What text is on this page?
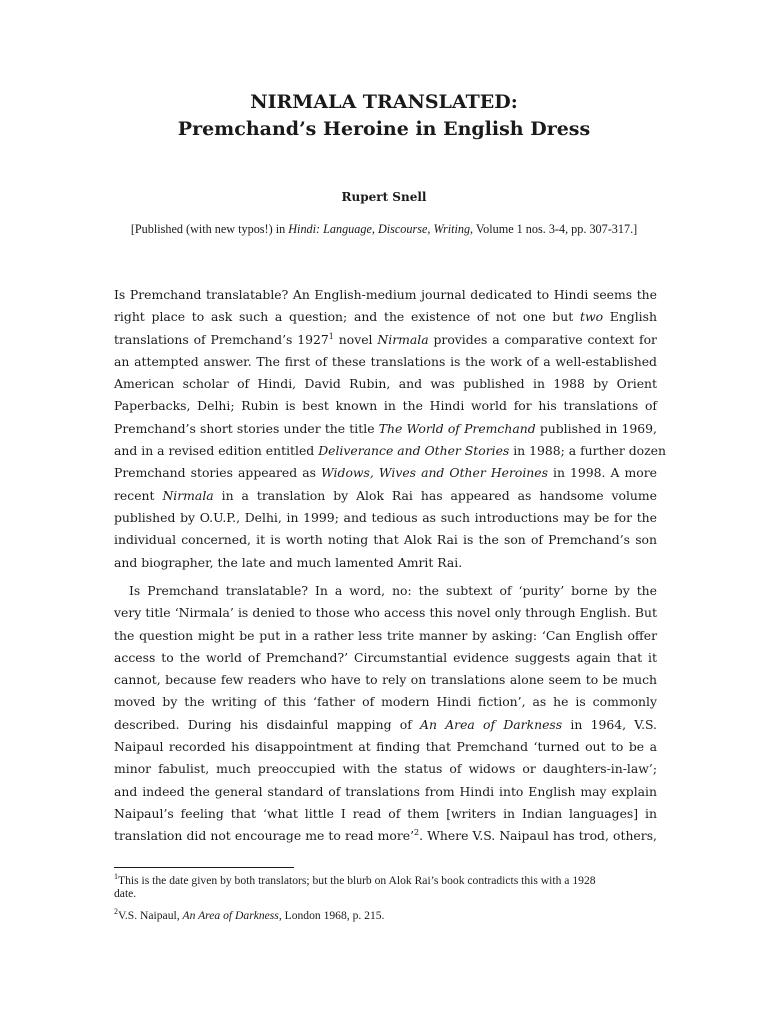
NIRMALA TRANSLATED:
Premchand’s Heroine in English Dress

Rupert Snell

[Published (with new typos!) in Hindi: Language, Discourse, Writing, Volume 1 nos. 3-4, pp. 307-317.]

Is Premchand translatable? An English-medium journal dedicated to Hindi seems the
right place to ask such a question; and the existence of not one but two English
translations of Premchand’s 1927$^1$ novel Nirmala provides a comparative context for
an attempted answer. The first of these translations is the work of a well-established
American scholar of Hindi, David Rubin, and was published in 1988 by Orient
Paperbacks, Delhi; Rubin is best known in the Hindi world for his translations of
Premchand’s short stories under the title The World of Premchand published in 1969,
and in a revised edition entitled Deliverance and Other Stories in 1988; a further dozen
Premchand stories appeared as Widows, Wives and Other Heroines in 1998. A more
recent Nirmala in a translation by Alok Rai has appeared as handsome volume
published by O.U.P., Delhi, in 1999; and tedious as such introductions may be for the
individual concerned, it is worth noting that Alok Rai is the son of Premchand’s son
and biographer, the late and much lamented Amrit Rai.
Is Premchand translatable? In a word, no: the subtext of ‘purity’ borne by the
very title ‘Nirmala’ is denied to those who access this novel only through English. But
the question might be put in a rather less trite manner by asking: ‘Can English offer
access to the world of Premchand?’ Circumstantial evidence suggests again that it
cannot, because few readers who have to rely on translations alone seem to be much
moved by the writing of this ‘father of modern Hindi fiction’, as he is commonly
described. During his disdainful mapping of An Area of Darkness in 1964, V.S.
Naipaul recorded his disappointment at finding that Premchand ‘turned out to be a
minor fabulist, much preoccupied with the status of widows or daughters-in-law’;
and indeed the general standard of translations from Hindi into English may explain
Naipaul’s feeling that ‘what little I read of them [writers in Indian languages] in
translation did not encourage me to read more’$^2$. Where V.S. Naipaul has trod, others,
$^1$This is the date given by both translators; but the blurb on Alok Rai’s book contradicts this with a 1928
date.
$^2$V.S. Naipaul, An Area of Darkness, London 1968, p. 215.
